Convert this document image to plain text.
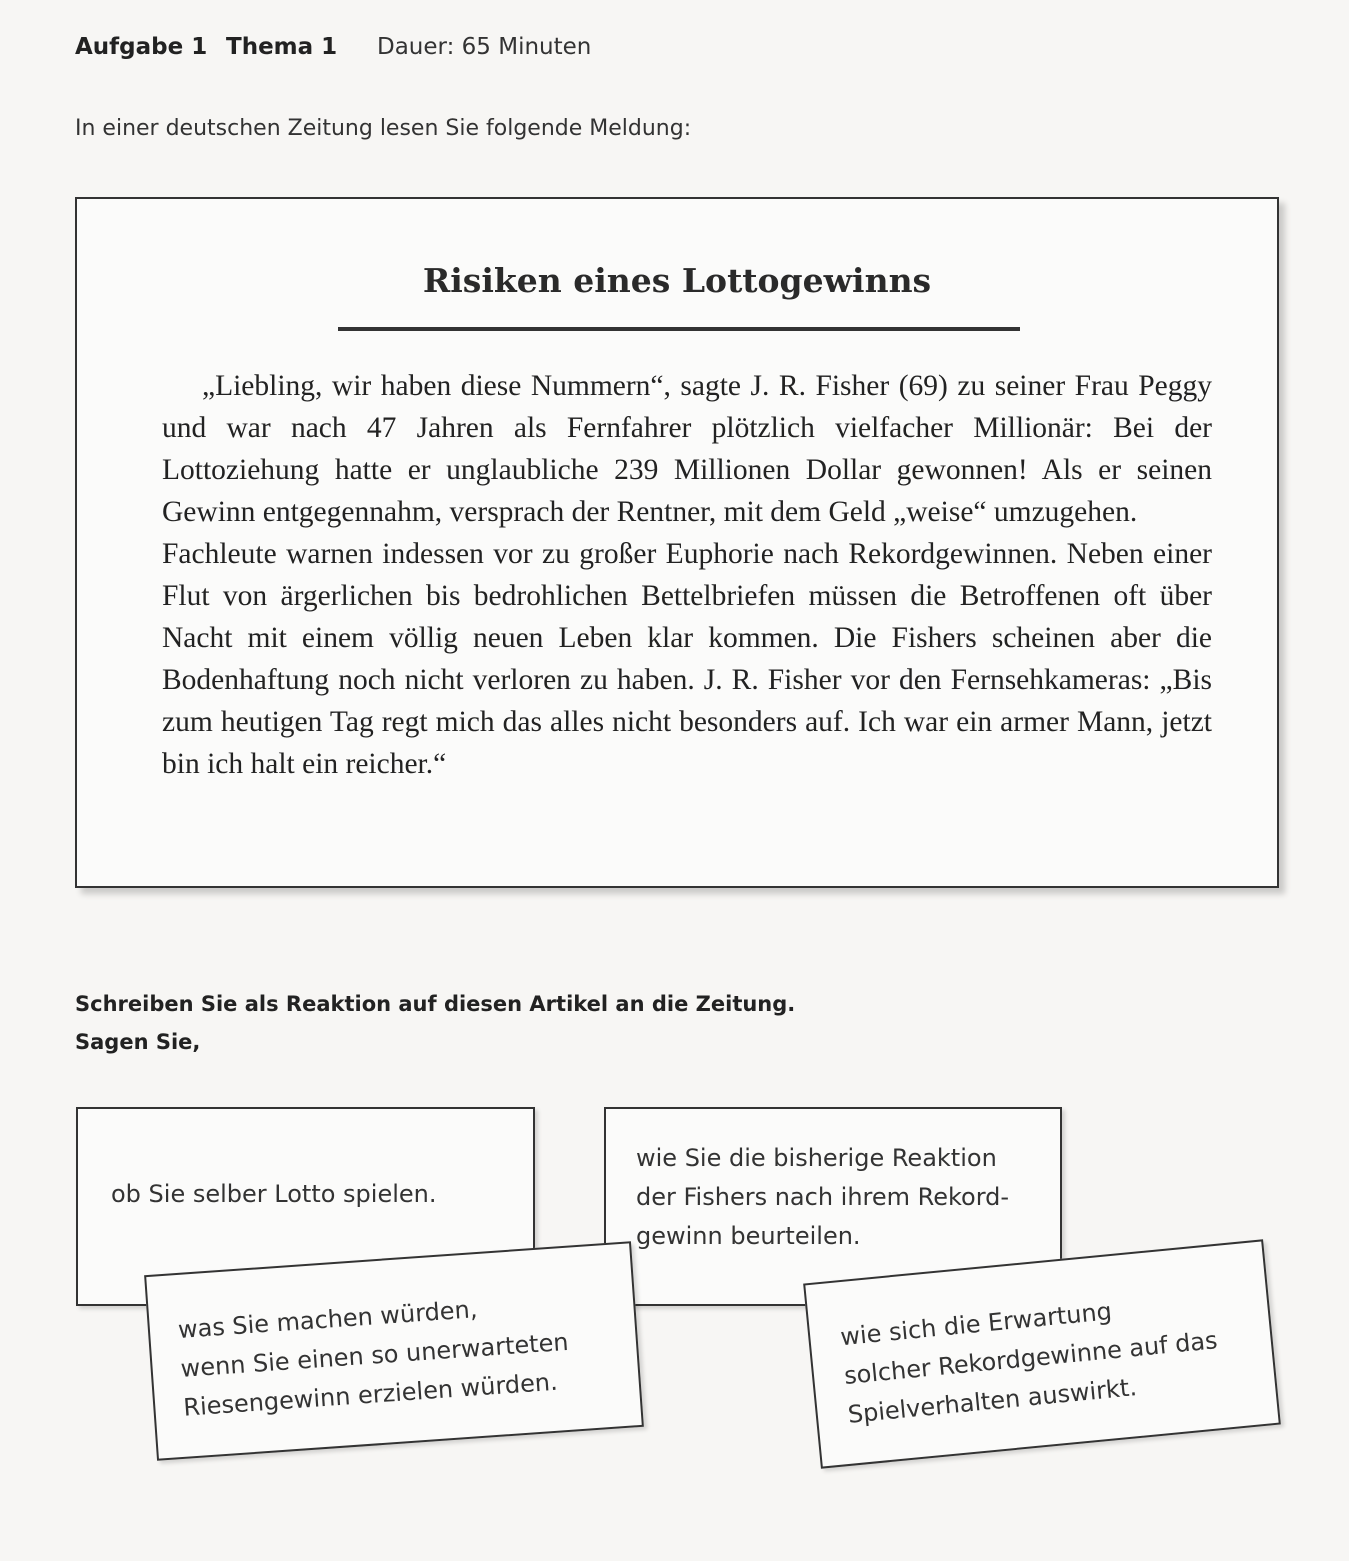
Aufgabe 1 Thema 1 Dauer: 65 Minuten
In einer deutschen Zeitung lesen Sie folgende Meldung:
Risiken eines Lottogewinns

„Liebling, wir haben diese Nummern“, sagte J. R. Fisher (69) zu seiner Frau Peggy und war nach 47 Jahren als Fernfahrer plötzlich vielfacher Millionär: Bei der Lottoziehung hatte er unglaubliche 239 Millionen Dollar gewonnen! Als er seinen Gewinn entgegennahm, versprach der Rentner, mit dem Geld „weise“ umzugehen.

Fachleute warnen indessen vor zu großer Euphorie nach Rekordgewinnen. Neben einer Flut von ärgerlichen bis bedrohlichen Bettelbriefen müssen die Betroffenen oft über Nacht mit einem völlig neuen Leben klar kommen. Die Fishers scheinen aber die Bodenhaftung noch nicht verloren zu haben. J. R. Fisher vor den Fernsehkameras: „Bis zum heutigen Tag regt mich das alles nicht besonders auf. Ich war ein armer Mann, jetzt bin ich halt ein reicher.“

Schreiben Sie als Reaktion auf diesen Artikel an die Zeitung.
Sagen Sie,
ob Sie selber Lotto spielen.
wie Sie die bisherige Reaktion
der Fishers nach ihrem Rekord-
gewinn beurteilen.
was Sie machen würden,
wenn Sie einen so unerwarteten
Riesengewinn erzielen würden.
wie sich die Erwartung
solcher Rekordgewinne auf das
Spielverhalten auswirkt.
